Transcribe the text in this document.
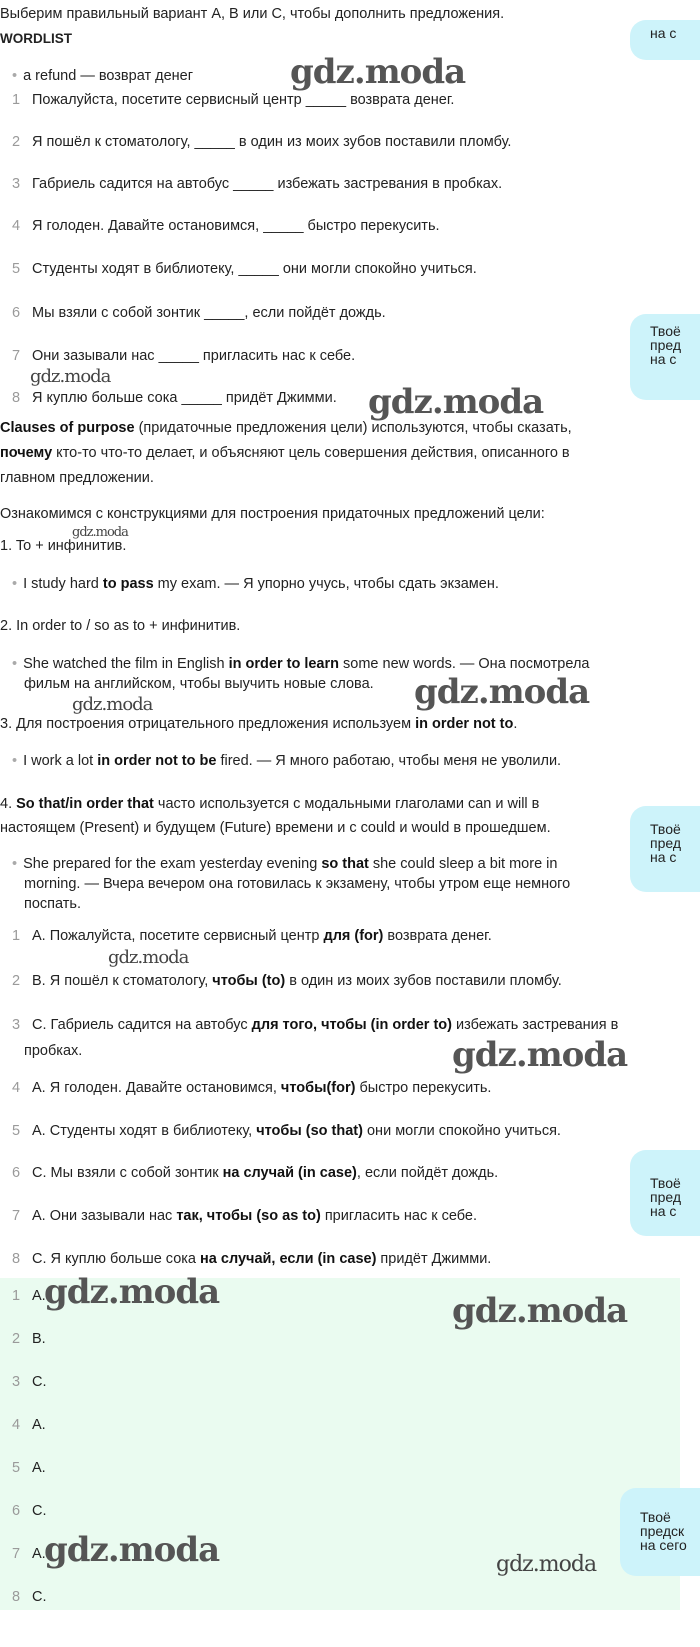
Выберим правильный вариант A, B или C, чтобы дополнить предложения.
WORDLIST
• a refund — возврат денег
1 Пожалуйста, посетите сервисный центр _____ возврата денег.
2 Я пошёл к стоматологу, _____ в один из моих зубов поставили пломбу.
3 Габриель садится на автобус _____ избежать застревания в пробках.
4 Я голоден. Давайте остановимся, _____ быстро перекусить.
5 Студенты ходят в библиотеку, _____ они могли спокойно учиться.
6 Мы взяли с собой зонтик _____, если пойдёт дождь.
7 Они зазывали нас _____ пригласить нас к себе.
8 Я куплю больше сока _____ придёт Джимми.
Clauses of purpose (придаточные предложения цели) используются, чтобы сказать,
почему кто-то что-то делает, и объясняют цель совершения действия, описанного в
главном предложении.
Ознакомимся с конструкциями для построения придаточных предложений цели:
1. To + инфинитив.
• I study hard to pass my exam. — Я упорно учусь, чтобы сдать экзамен.
2. In order to / so as to + инфинитив.
• She watched the film in English in order to learn some new words. — Она посмотрела
фильм на английском, чтобы выучить новые слова.
3. Для построения отрицательного предложения используем in order not to.
• I work a lot in order not to be fired. — Я много работаю, чтобы меня не уволили.
4. So that/in order that часто используется с модальными глаголами can и will в
настоящем (Present) и будущем (Future) времени и с could и would в прошедшем.
• She prepared for the exam yesterday evening so that she could sleep a bit more in
morning. — Вчера вечером она готовилась к экзамену, чтобы утром еще немного
поспать.
1 A. Пожалуйста, посетите сервисный центр для (for) возврата денег.
2 B. Я пошёл к стоматологу, чтобы (to) в один из моих зубов поставили пломбу.
3 C. Габриель садится на автобус для того, чтобы (in order to) избежать застревания в
пробках.
4 A. Я голоден. Давайте остановимся, чтобы(for) быстро перекусить.
5 A. Студенты ходят в библиотеку, чтобы (so that) они могли спокойно учиться.
6 C. Мы взяли с собой зонтик на случай (in case), если пойдёт дождь.
7 A. Они зазывали нас так, чтобы (so as to) пригласить нас к себе.
8 C. Я куплю больше сока на случай, если (in case) придёт Джимми.
1 A.
2 B.
3 C.
4 A.
5 A.
6 C.
7 A.
8 C.
gdz.moda
gdz.moda
gdz.moda
gdz.moda
gdz.moda	gdz.moda
gdz.moda
gdz.moda
gdz.moda	gdz.moda
gdz.moda	gdz.moda
на с
Твоё
пред
на с
Твоё
пред
на с
Твоё
пред
на с
Твоё
предск
на сего
